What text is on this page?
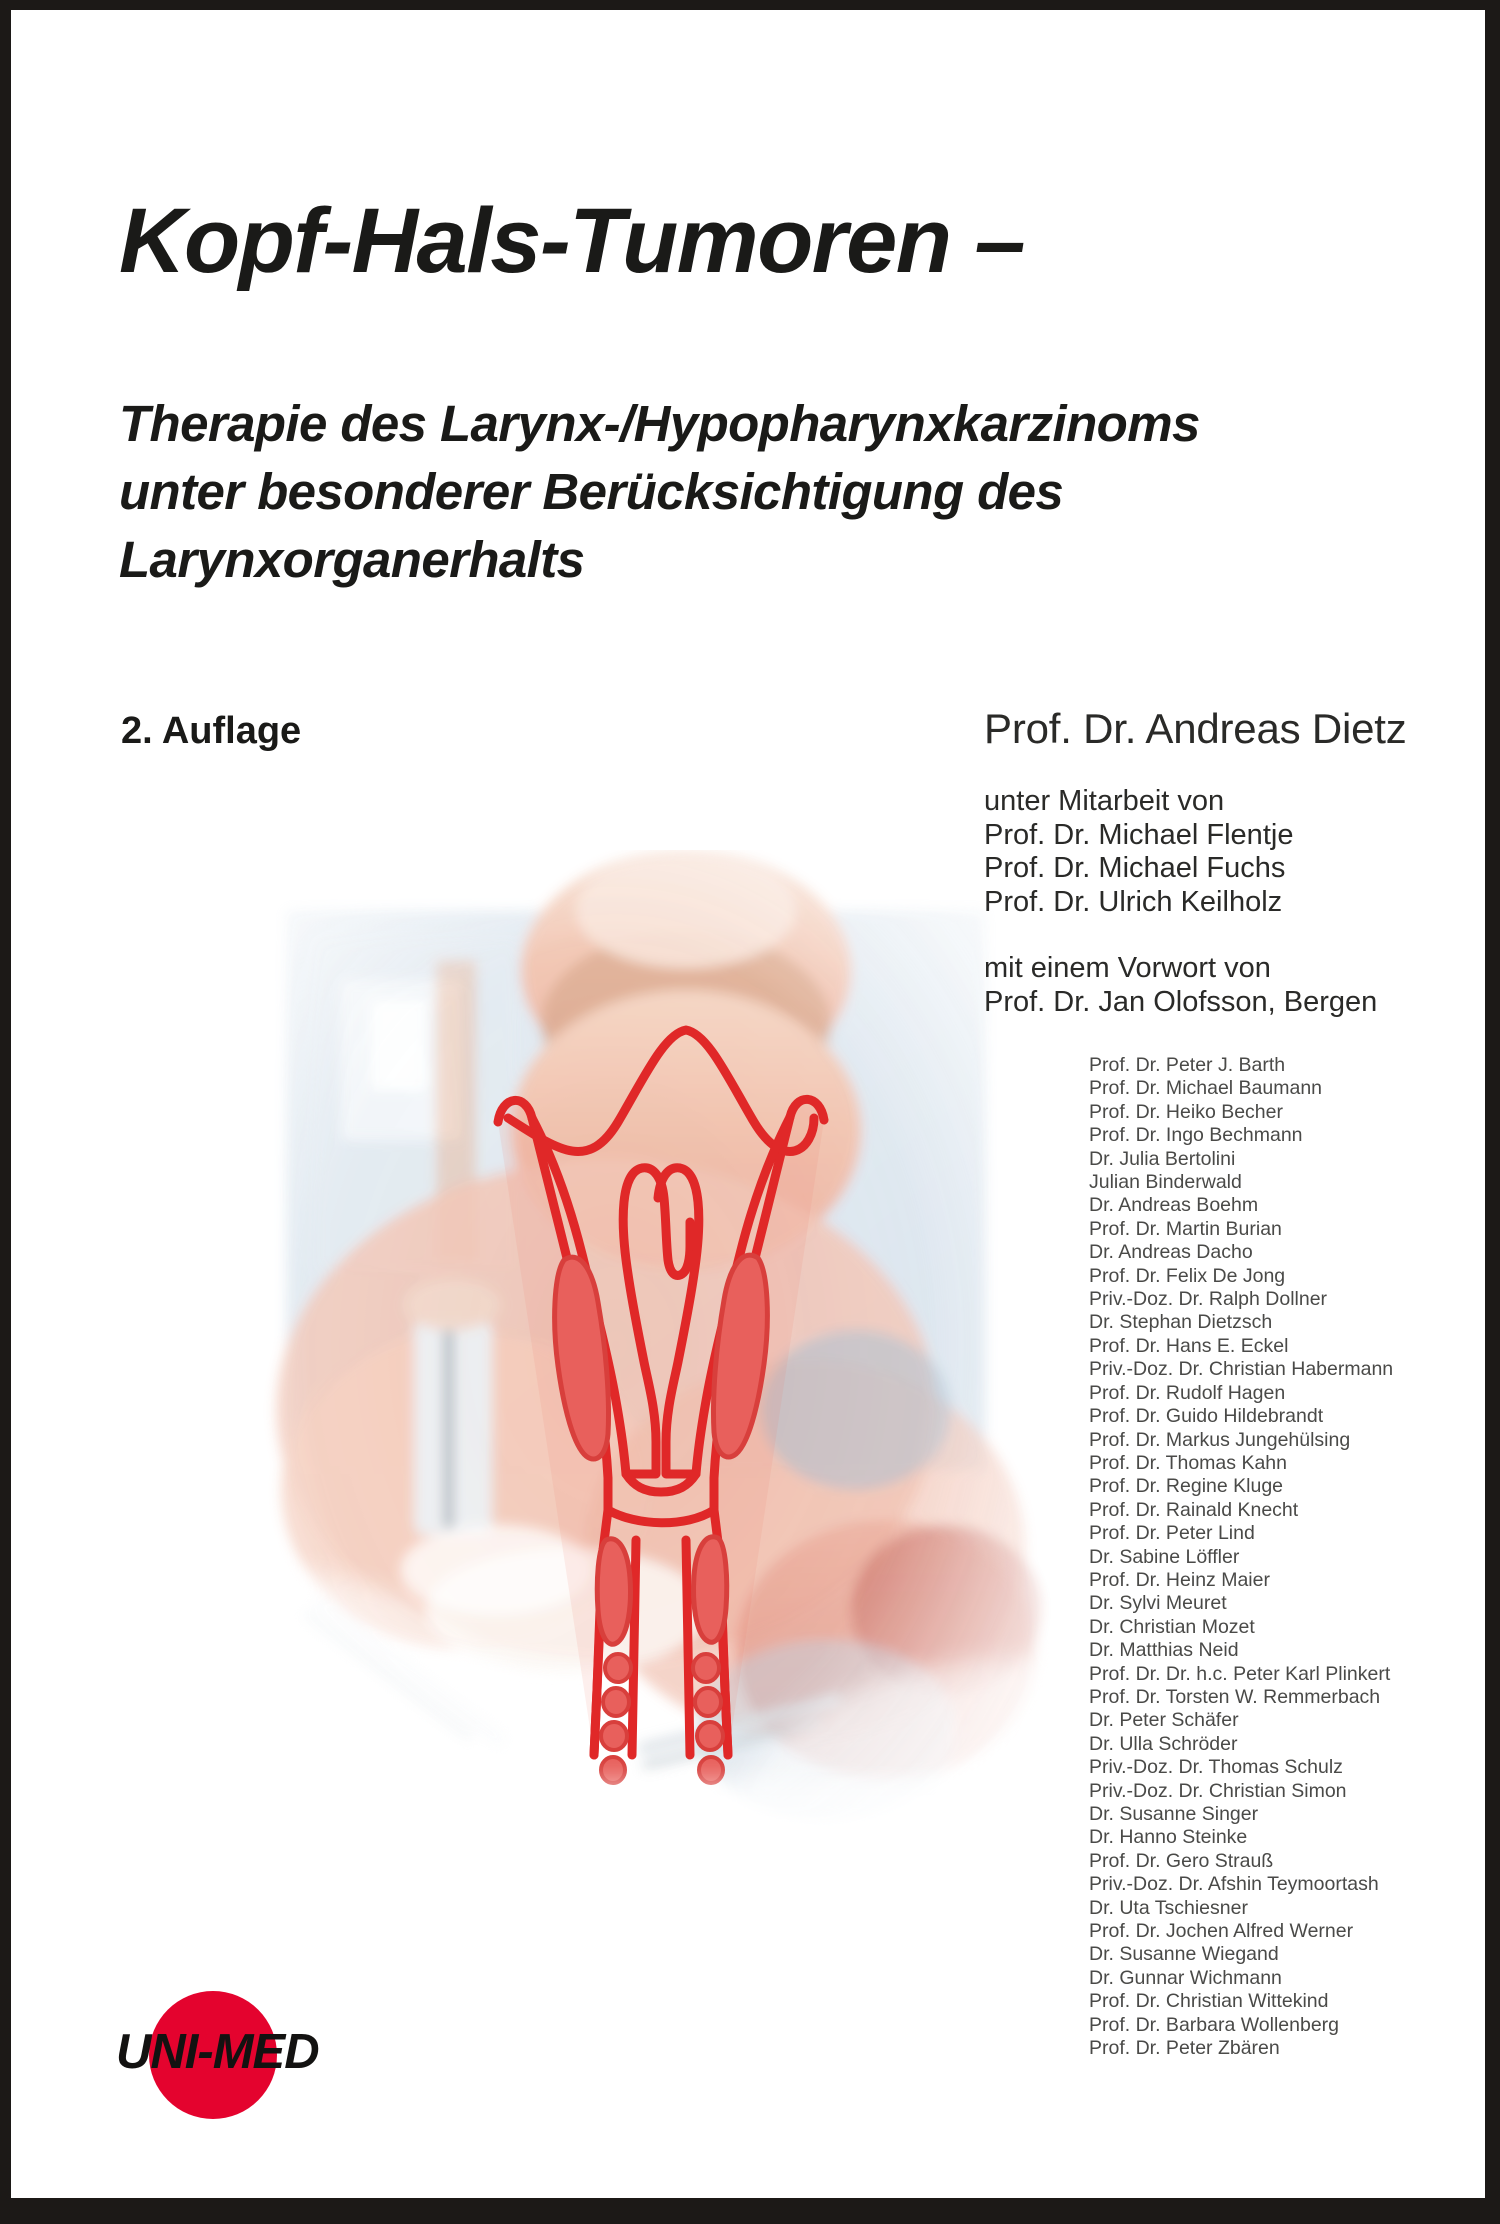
Kopf-Hals-Tumoren –
Therapie des Larynx-/Hypopharynxkarzinoms
unter besonderer Berücksichtigung des
Larynxorganerhalts
2. Auflage	Prof. Dr. Andreas Dietz
unter Mitarbeit von
Prof. Dr. Michael Flentje
Prof. Dr. Michael Fuchs
Prof. Dr. Ulrich Keilholz
mit einem Vorwort von
Prof. Dr. Jan Olofsson, Bergen
Prof. Dr. Peter J. Barth
Prof. Dr. Michael Baumann
Prof. Dr. Heiko Becher
Prof. Dr. Ingo Bechmann
Dr. Julia Bertolini
Julian Binderwald
Dr. Andreas Boehm
Prof. Dr. Martin Burian
Dr. Andreas Dacho
Prof. Dr. Felix De Jong
Priv.-Doz. Dr. Ralph Dollner
Dr. Stephan Dietzsch
Prof. Dr. Hans E. Eckel
Priv.-Doz. Dr. Christian Habermann
Prof. Dr. Rudolf Hagen
Prof. Dr. Guido Hildebrandt
Prof. Dr. Markus Jungehülsing
Prof. Dr. Thomas Kahn
Prof. Dr. Regine Kluge
Prof. Dr. Rainald Knecht
Prof. Dr. Peter Lind
Dr. Sabine Löffler
Prof. Dr. Heinz Maier
Dr. Sylvi Meuret
Dr. Christian Mozet
Dr. Matthias Neid
Prof. Dr. Dr. h.c. Peter Karl Plinkert
Prof. Dr. Torsten W. Remmerbach
Dr. Peter Schäfer
Dr. Ulla Schröder
Priv.-Doz. Dr. Thomas Schulz
Priv.-Doz. Dr. Christian Simon
Dr. Susanne Singer
Dr. Hanno Steinke
Prof. Dr. Gero Strauß
Priv.-Doz. Dr. Afshin Teymoortash
Dr. Uta Tschiesner
Prof. Dr. Jochen Alfred Werner
Dr. Susanne Wiegand
Dr. Gunnar Wichmann
Prof. Dr. Christian Wittekind
Prof. Dr. Barbara Wollenberg
Prof. Dr. Peter Zbären
UNI-MED
